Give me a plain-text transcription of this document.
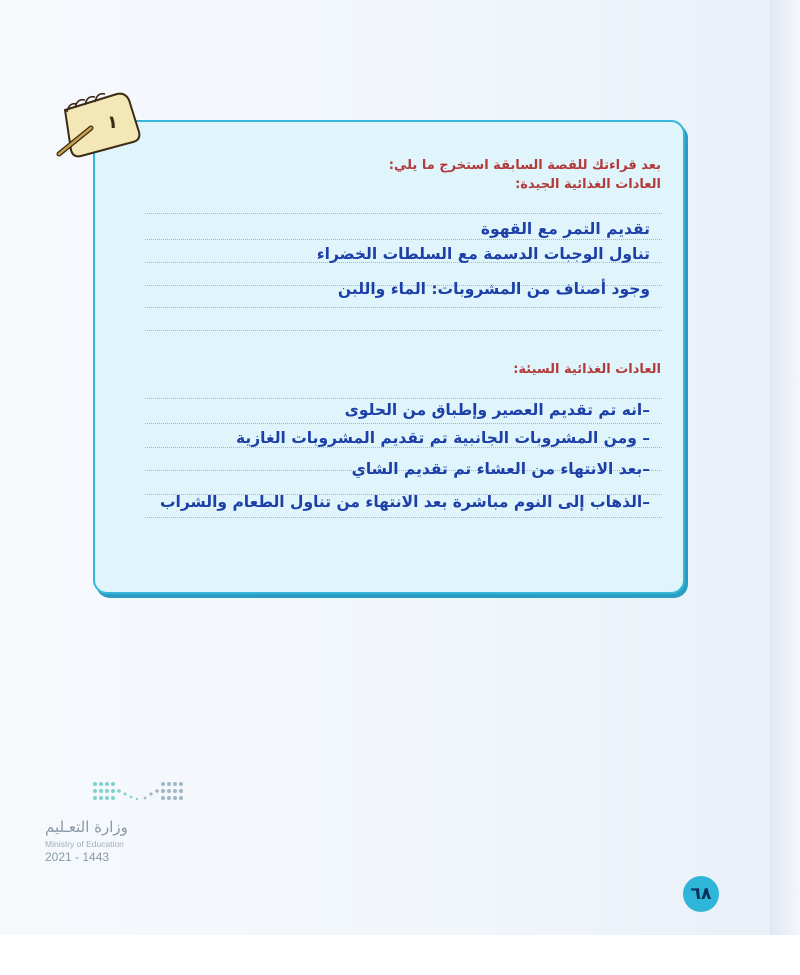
١
بعد قراءتك للقصة السابقة استخرج ما يلي:
العادات الغذائية الجيدة:
تقديم التمر مع القهوة
تناول الوجبات الدسمة مع السلطات الخضراء
وجود أصناف من المشروبات: الماء واللبن
العادات الغذائية السيئة:
–انه تم تقديم العصير وإطباق من الحلوى
– ومن المشروبات الجانبية تم تقديم المشروبات الغازية
–بعد الانتهاء من العشاء تم تقديم الشاي
–الذهاب إلى النوم مباشرة بعد الانتهاء من تناول الطعام والشراب
وزارة التعـليم
Ministry of Education
2021 - 1443
٦٨
